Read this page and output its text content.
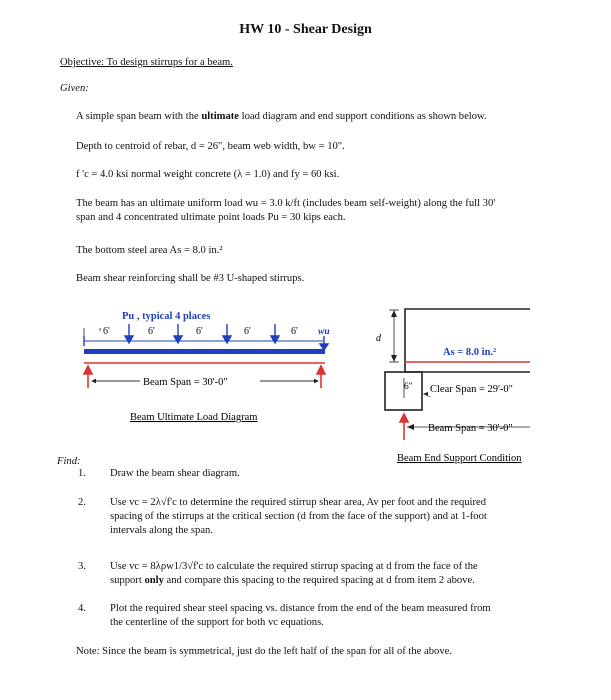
HW 10 - Shear Design
Objective: To design stirrups for a beam.
Given:
A simple span beam with the ultimate load diagram and end support conditions as shown below.
Depth to centroid of rebar, d = 26", beam web width, bw = 10".
f 'c = 4.0 ksi normal weight concrete (λ = 1.0) and fy = 60 ksi.
The beam has an ultimate uniform load wu = 3.0 k/ft (includes beam self-weight) along the full 30'
span and 4 concentrated ultimate point loads Pu = 30 kips each.
The bottom steel area As = 8.0 in.²
Beam shear reinforcing shall be #3 U-shaped stirrups.
Pu , typical 4 places
6'	6'	6'	6'	6' wu
Beam Span = 30'-0"
Beam Ultimate Load Diagram
d
As = 8.0 in.²
6" Clear Span = 29'-0"
Beam Span = 30'-0"
Beam End Support Condition
Find:
1. Draw the beam shear diagram.
2. Use vc = 2λ√f'c to determine the required stirrup shear area, Av per foot and the required
spacing of the stirrups at the critical section (d from the face of the support) and at 1-foot
intervals along the span.
3. Use vc = 8λρw1/3√f'c to calculate the required stirrup spacing at d from the face of the
support only and compare this spacing to the required spacing at d from item 2 above.
4. Plot the required shear steel spacing vs. distance from the end of the beam measured from
the centerline of the support for both vc equations.
Note: Since the beam is symmetrical, just do the left half of the span for all of the above.
